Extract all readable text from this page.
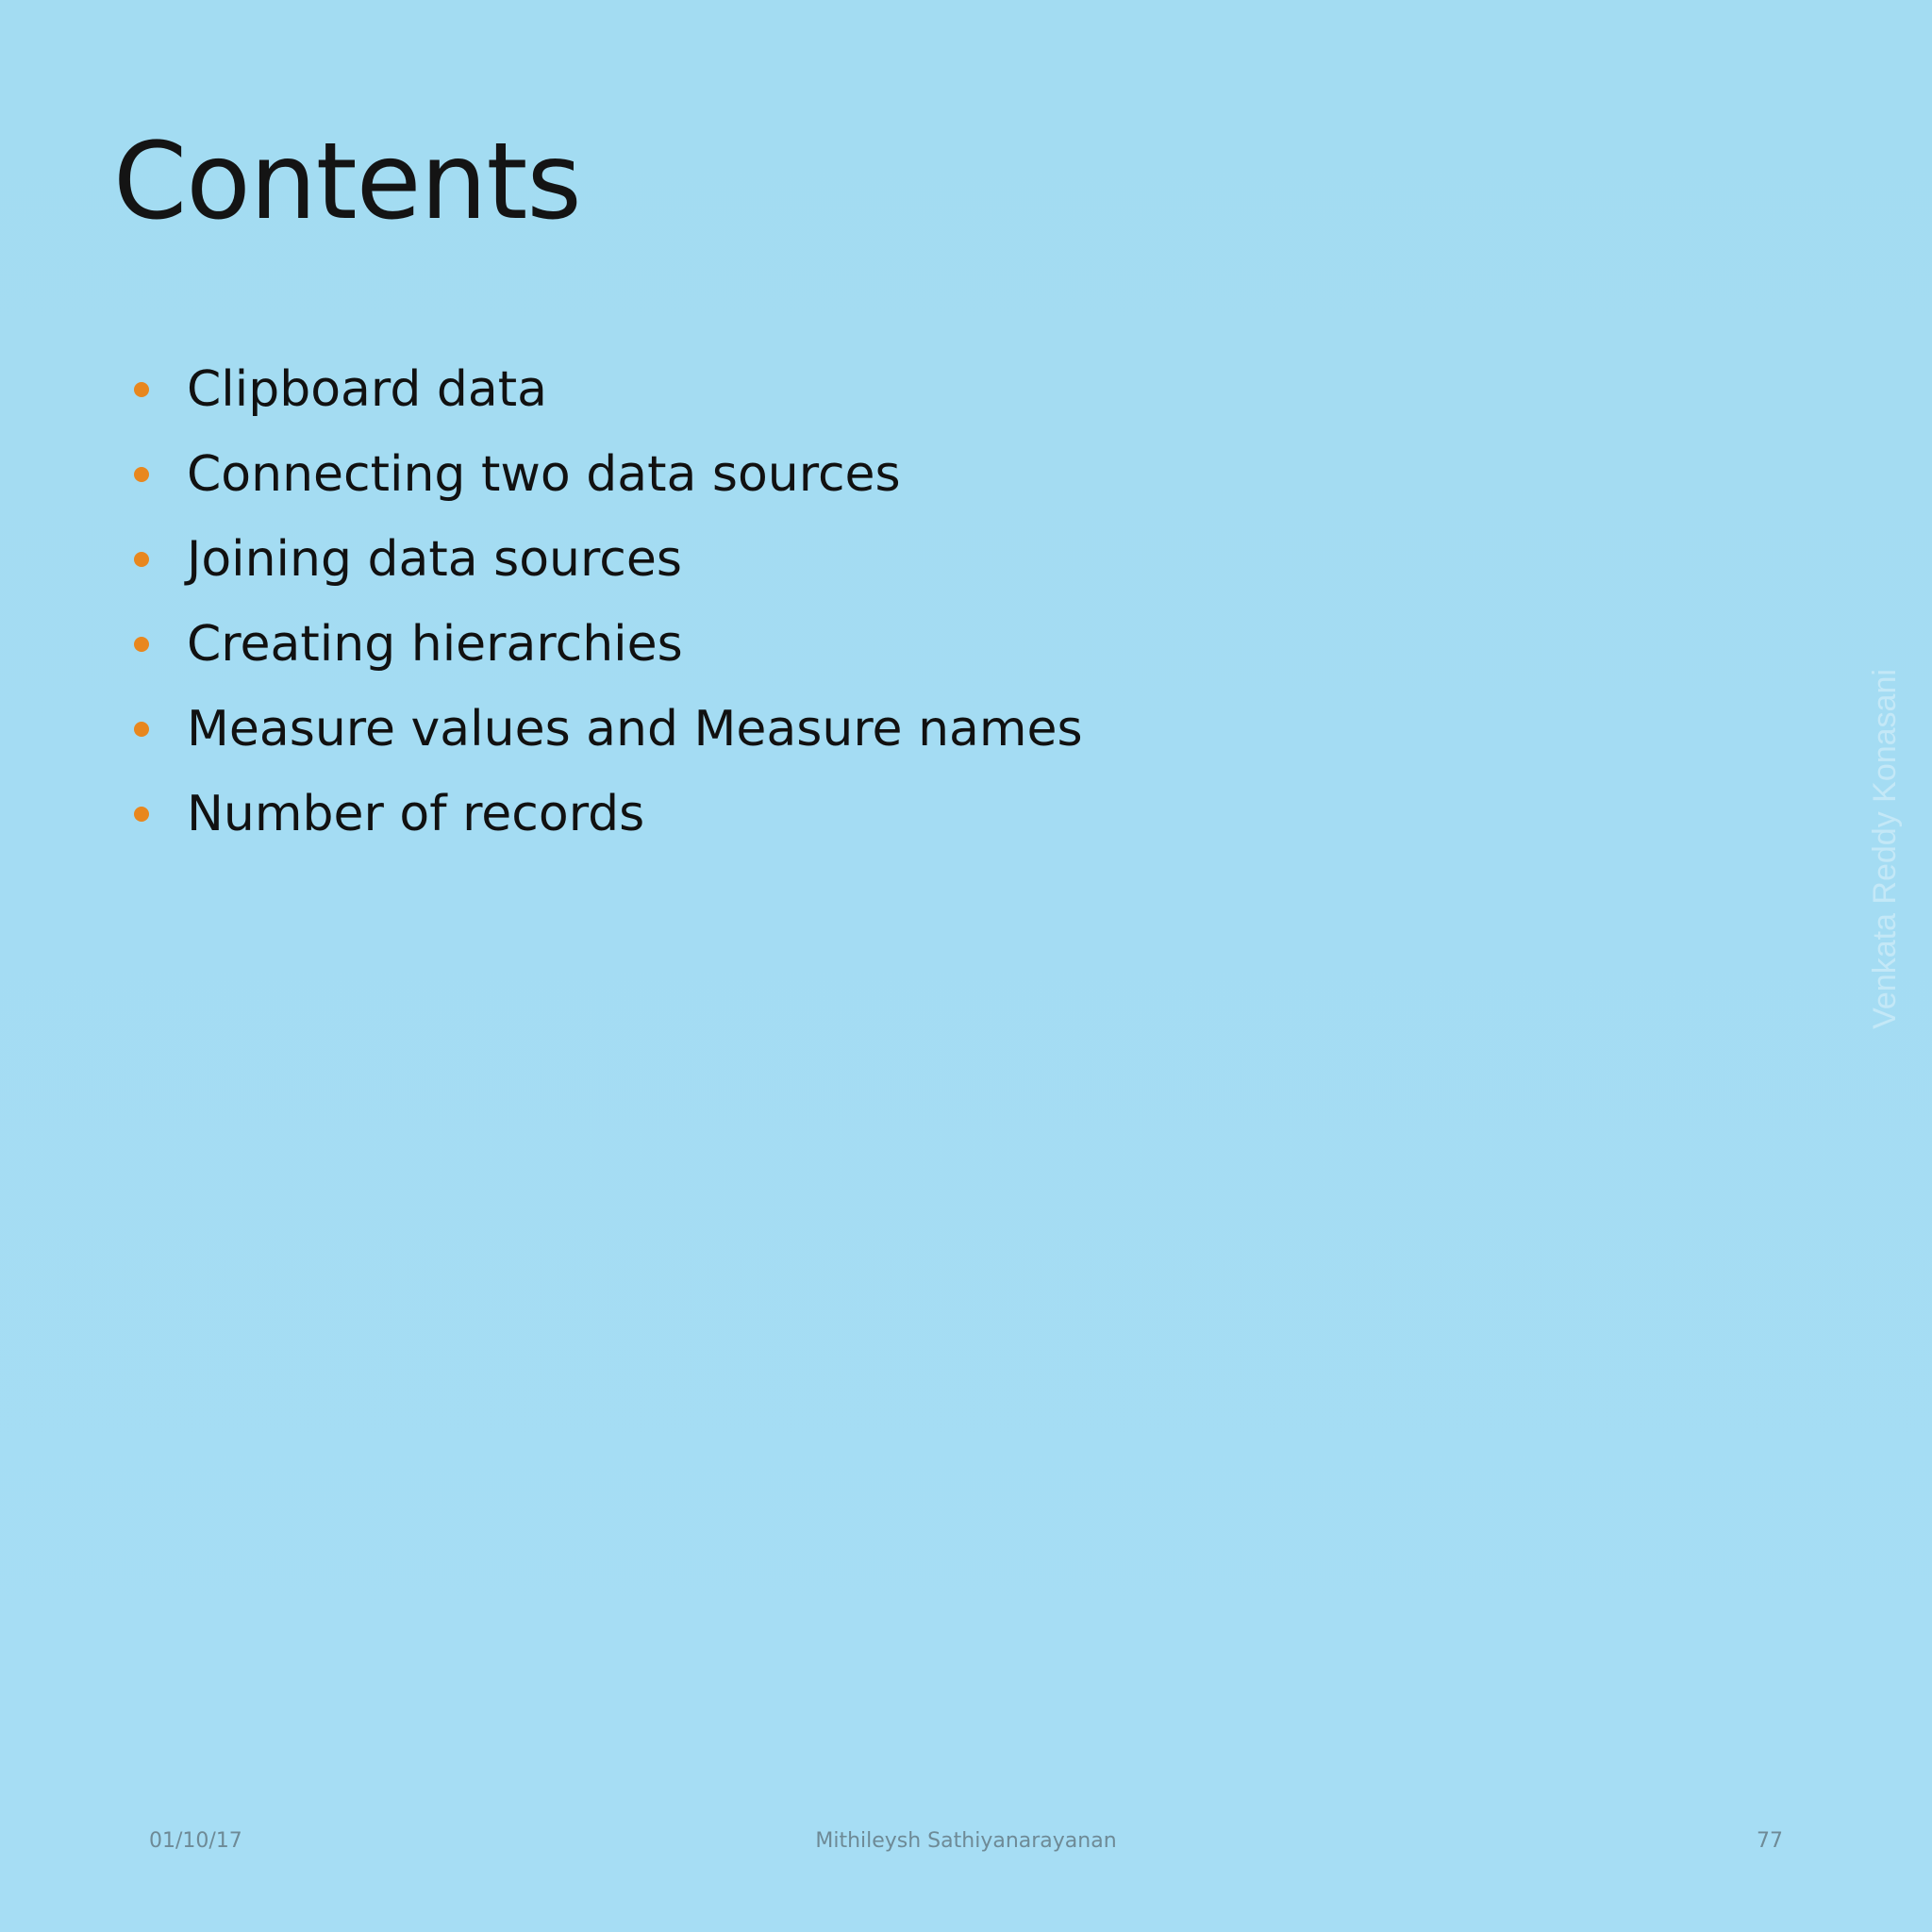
Contents
Clipboard data
Connecting two data sources
Joining data sources
Creating hierarchies
Measure values and Measure names
Number of records	Venkata Reddy Konasani
01/10/17	Mithileysh Sathiyanarayanan	77
